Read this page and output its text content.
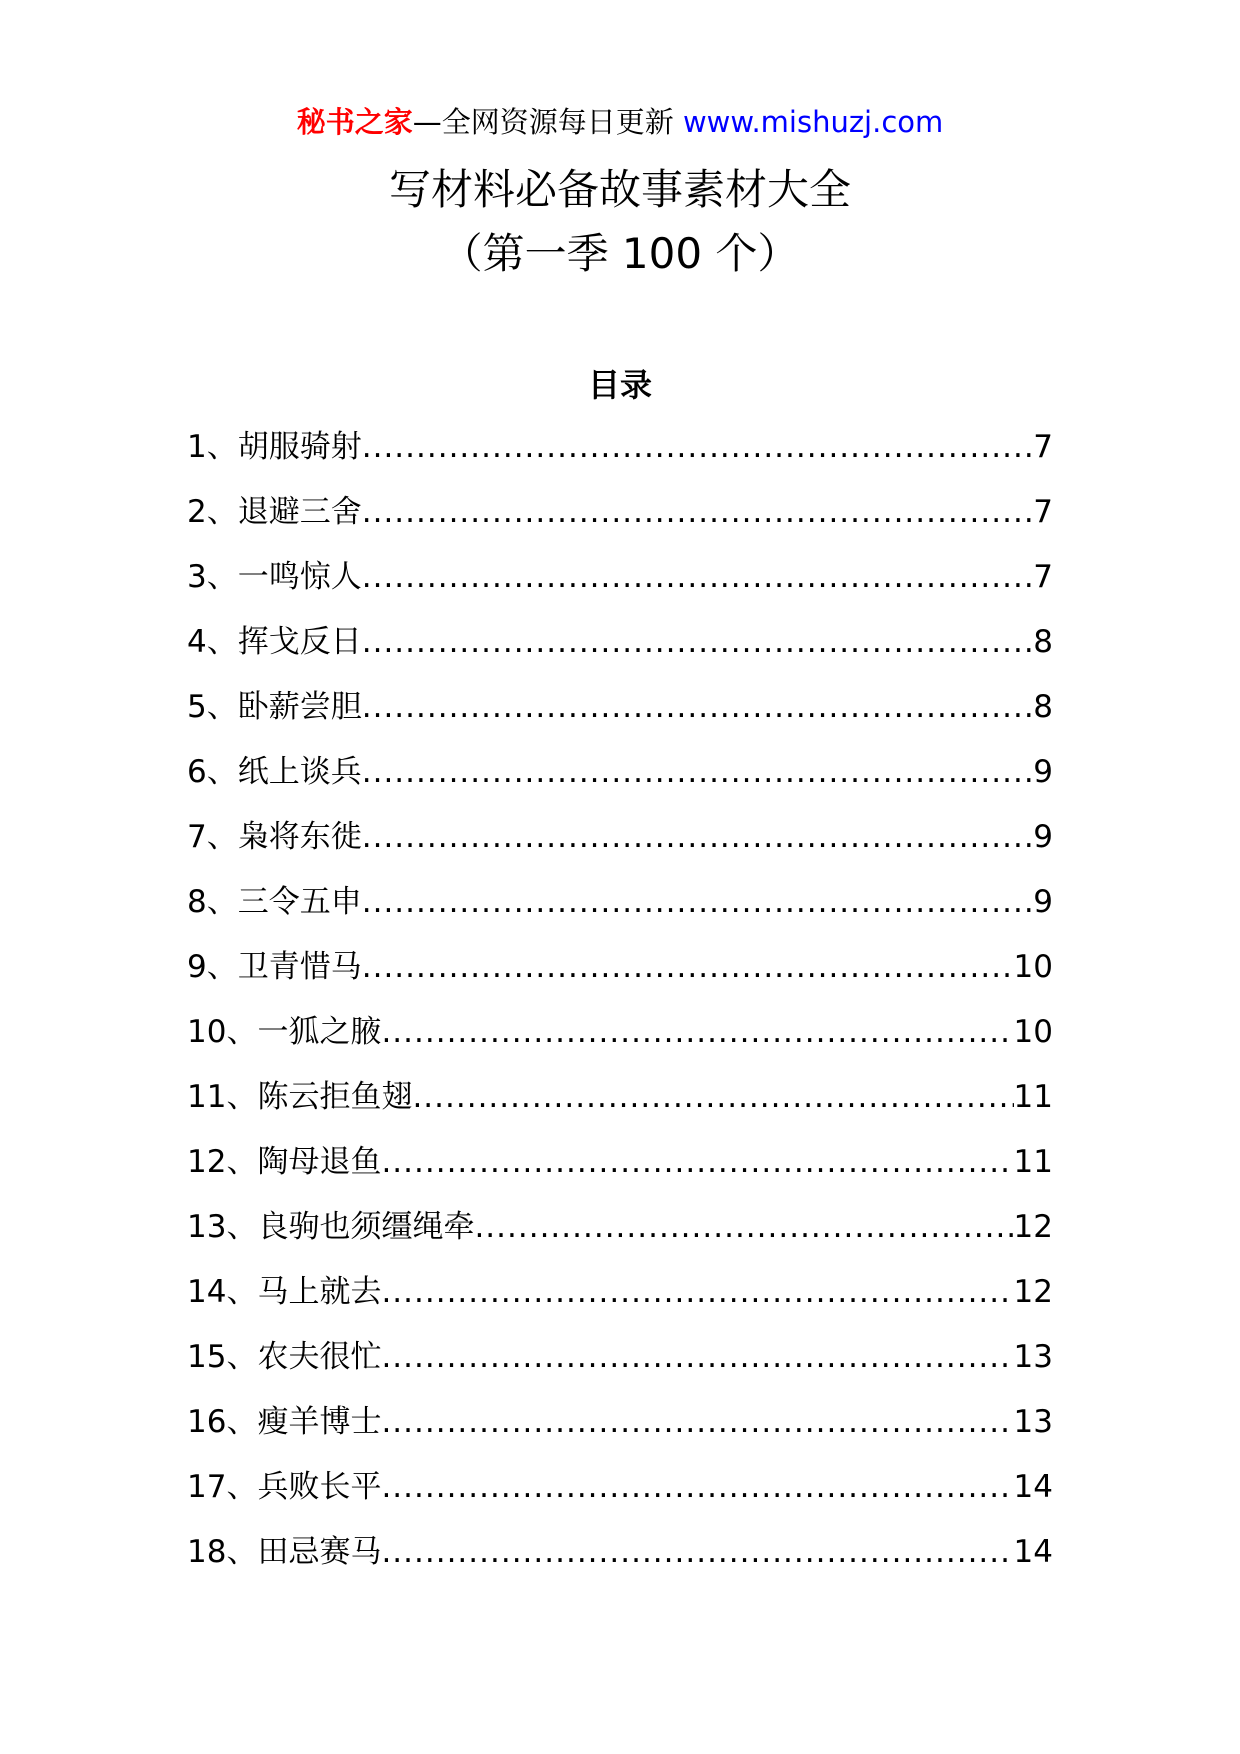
秘书之家—全网资源每日更新 www.mishuzj.com
写材料必备故事素材大全
（第一季 100 个）
目录
1、胡服骑射 .....	7
2、退避三舍 .....	7
3、一鸣惊人 .....	7
4、挥戈反日 .....	8
5、卧薪尝胆 .....	8
6、纸上谈兵 .....	9
7、枭将东徙 .....	9
8、三令五申 .....	9
9、卫青惜马 .....	10
10、一狐之腋 .....	10
11、陈云拒鱼翅 .....	11
12、陶母退鱼 .....	11
13、良驹也须缰绳牵 .....	12
14、马上就去 .....	12
15、农夫很忙 .....	13
16、瘦羊博士 .....	13
17、兵败长平 .....	14
18、田忌赛马 .....	14
